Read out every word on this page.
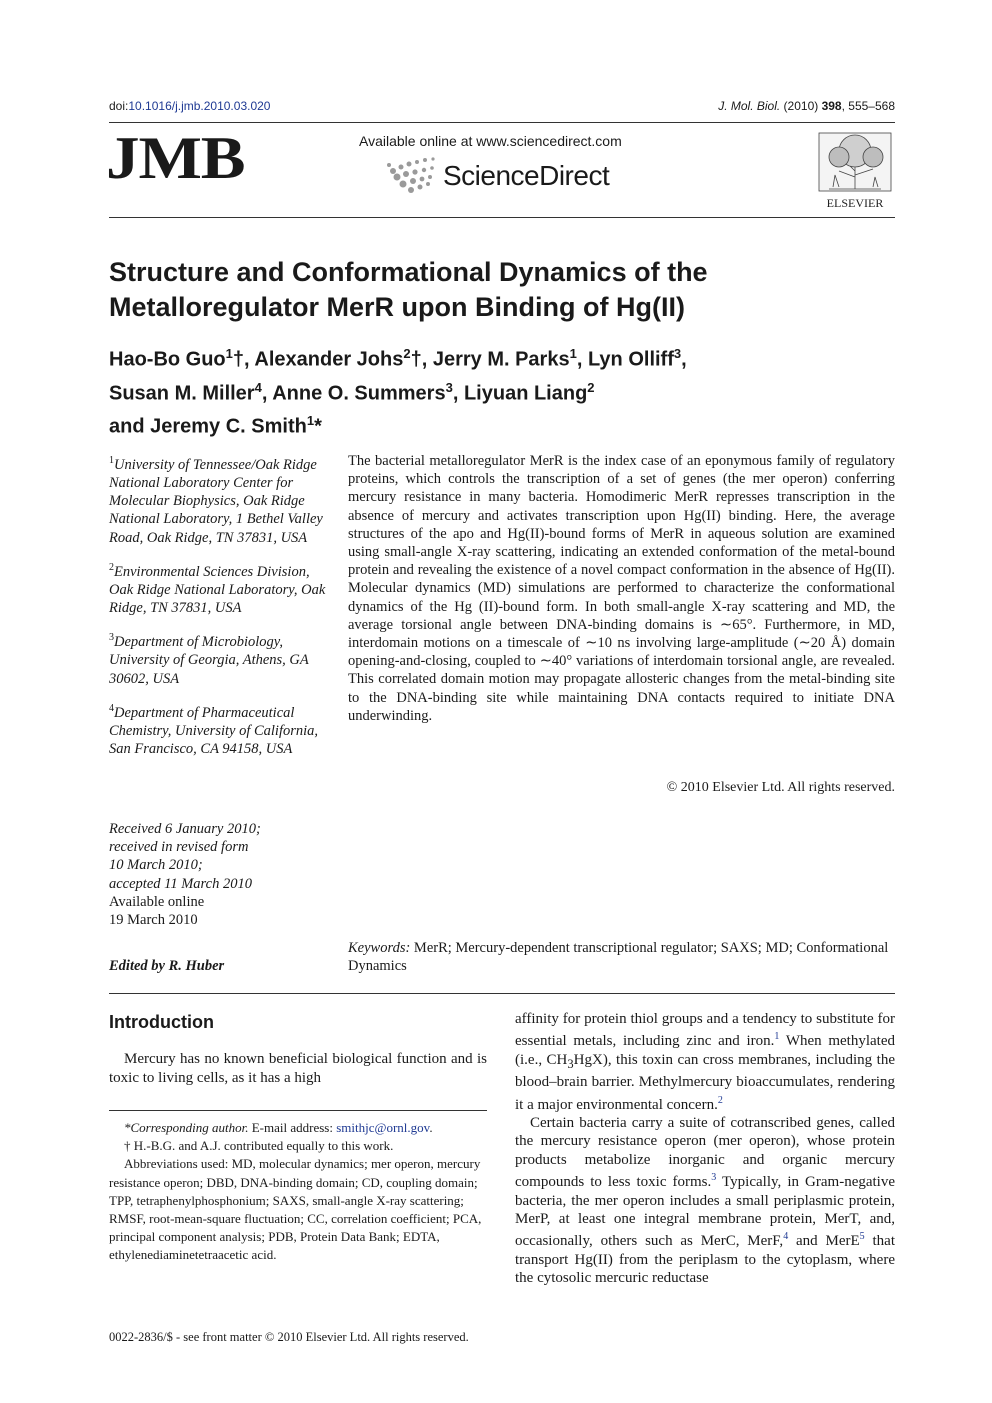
doi:10.1016/j.jmb.2010.03.020	J. Mol. Biol. (2010) 398, 555–568
JMB	Available online at www.sciencedirect.com
ScienceDirect
ELSEVIER
Structure and Conformational Dynamics of the
Metalloregulator MerR upon Binding of Hg(II)
Hao-Bo Guo$^1$†, Alexander Johs$^2$†, Jerry M. Parks$^1$, Lyn Olliff$^3$,
Susan M. Miller$^4$, Anne O. Summers$^3$, Liyuan Liang$^2$
and Jeremy C. Smith$^1$*

$^1$University of Tennessee/Oak Ridge National Laboratory Center for Molecular Biophysics, Oak Ridge National Laboratory, 1 Bethel Valley Road, Oak Ridge, TN 37831, USA

$^2$Environmental Sciences Division, Oak Ridge National Laboratory, Oak Ridge, TN 37831, USA

$^3$Department of Microbiology, University of Georgia, Athens, GA 30602, USA

$^4$Department of Pharmaceutical Chemistry, University of California, San Francisco, CA 94158, USA

Received 6 January 2010;
received in revised form
10 March 2010;
accepted 11 March 2010
Available online
19 March 2010
Edited by R. Huber
The bacterial metalloregulator MerR is the index case of an eponymous family of regulatory proteins, which controls the transcription of a set of genes (the mer operon) conferring mercury resistance in many bacteria. Homodimeric MerR represses transcription in the absence of mercury and activates transcription upon Hg(II) binding. Here, the average structures of the apo and Hg(II)-bound forms of MerR in aqueous solution are examined using small-angle X-ray scattering, indicating an extended conformation of the metal-bound protein and revealing the existence of a novel compact conformation in the absence of Hg(II). Molecular dynamics (MD) simulations are performed to characterize the conformational dynamics of the Hg (II)-bound form. In both small-angle X-ray scattering and MD, the average torsional angle between DNA-binding domains is ∼65°. Furthermore, in MD, interdomain motions on a timescale of ∼10 ns involving large-amplitude (∼20 Å) domain opening-and-closing, coupled to ∼40° variations of interdomain torsional angle, are revealed. This correlated domain motion may propagate allosteric changes from the metal-binding site to the DNA-binding site while maintaining DNA contacts required to initiate DNA underwinding.
© 2010 Elsevier Ltd. All rights reserved.
Keywords: MerR; Mercury-dependent transcriptional regulator; SAXS; MD; Conformational Dynamics
Introduction
Mercury has no known beneficial biological function and is toxic to living cells, as it has a high

*Corresponding author. E-mail address: smithjc@ornl.gov.

† H.-B.G. and A.J. contributed equally to this work.

Abbreviations used: MD, molecular dynamics; mer operon, mercury resistance operon; DBD, DNA-binding domain; CD, coupling domain; TPP, tetraphenylphosphonium; SAXS, small-angle X-ray scattering; RMSF, root-mean-square fluctuation; CC, correlation coefficient; PCA, principal component analysis; PDB, Protein Data Bank; EDTA, ethylenediaminetetraacetic acid.

affinity for protein thiol groups and a tendency to substitute for essential metals, including zinc and iron.$^1$ When methylated (i.e., $CH_3HgX$), this toxin can cross membranes, including the blood–brain barrier. Methylmercury bioaccumulates, rendering it a major environmental concern.$^2$

Certain bacteria carry a suite of cotranscribed genes, called the mercury resistance operon (mer operon), whose protein products metabolize inorganic and organic mercury compounds to less toxic forms.$^3$ Typically, in Gram-negative bacteria, the mer operon includes a small periplasmic protein, MerP, at least one integral membrane protein, MerT, and, occasionally, others such as MerC, MerF,$^4$ and MerE$^5$ that transport Hg(II) from the periplasm to the cytoplasm, where the cytosolic mercuric reductase

0022-2836/$ - see front matter © 2010 Elsevier Ltd. All rights reserved.
